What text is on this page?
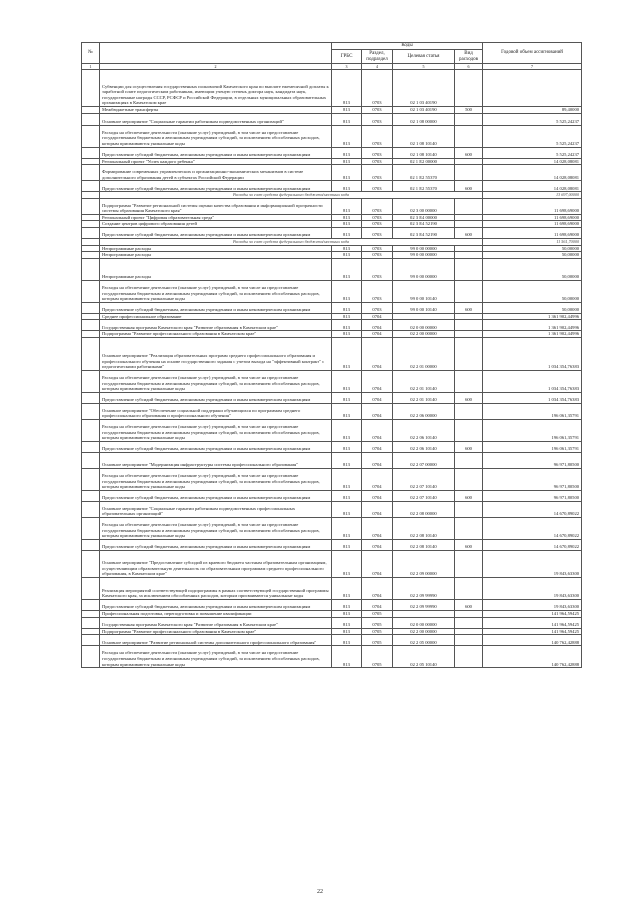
№		Коды				Годовой объем ассигнований
		ГРБС	Раздел, подраздел	Целевая статья	Вид расходов	
1	2	3	4	5	6	7
	Субвенции для осуществления государственных полномочий Камчатского края по выплате ежемесячной доплаты к заработной плате педагогическим работникам, имеющим ученую степень доктора наук, кандидата наук, государственные награды СССР, РСФСР и Российской Федерации, в отдельных муниципальных образовательных организациях в Камчатском крае	813	0703	02 1 03 40190		
	Межбюджетные трансферты	813	0703	02 1 03 40190	500	89,40000
	Основное мероприятие "Социальные гарантии работникам подведомственных организаций"	813	0703	02 1 08 00000		5 525,24237
	Расходы на обеспечение деятельности (оказание услуг) учреждений, в том числе на предоставление государственным бюджетным и автономным учреждениям субсидий, за исключением обособленных расходов, которым присваиваются уникальные коды	813	0703	02 1 08 10140		5 525,24237
	Предоставление субсидий бюджетным, автономным учреждениям и иным некоммерческим организациям	813	0703	02 1 08 10140	600	5 525,24237
	Региональный проект "Успех каждого ребенка"	813	0703	02 1 E2 00000		14 028,08081
	Формирование современных управленческих и организационно-экономических механизмов в системе дополнительного образования детей в субъектах Российской Федерации	813	0703	02 1 E2 55370		14 028,08081
	Предоставление субсидий бюджетным, автономным учреждениям и иным некоммерческим организациям	813	0703	02 1 E2 55370	600	14 028,08081
	Расходы за счет средств федерального бюджета/местных кода					13 697,00000
	Подпрограмма "Развитие региональной системы оценки качества образования и информационной прозрачности системы образования Камчатского края"	813	0703	02 3 00 00000		11 698,69000
	Региональный проект "Цифровая образовательная среда"	813	0703	02 3 E4 00000		11 698,69000
	Создание центров цифрового образования детей	813	0703	02 3 E4 52190		11 698,69000
	Предоставление субсидий бюджетным, автономным учреждениям и иным некоммерческим организациям	813	0703	02 3 E4 52190	600	11 698,69000
	Расходы за счет средств федерального бюджета/местных кода					11 561,70000
	Непрограммные расходы	813	0703	99 0 00 00000		50,00000
	Непрограммные расходы	813	0703	99 0 00 00000		50,00000
	Непрограммные расходы	813	0703	99 0 00 00000		50,00000
	Расходы на обеспечение деятельности (оказание услуг) учреждений, в том числе на предоставление государственным бюджетным и автономным учреждениям субсидий, за исключением обособленных расходов, которым присваиваются уникальные коды	813	0703	99 0 00 10140		50,00000
	Предоставление субсидий бюджетным, автономным учреждениям и иным некоммерческим организациям	813	0703	99 0 00 10140	600	50,00000
	Среднее профессиональное образование	813	0704			1 361 902,44996
	Государственная программа Камчатского края "Развитие образования в Камчатском крае"	813	0704	02 0 00 00000		1 361 902,44996
	Подпрограмма "Развитие профессионального образования в Камчатском крае"	813	0704	02 2 00 00000		1 361 902,44996
	Основное мероприятие "Реализация образовательных программ среднего профессионального образования и профессионального обучения на основе государственного задания с учетом выхода на "эффективный контракт" с педагогическими работниками"	813	0704	02 2 01 00000		1 034 354,76383
	Расходы на обеспечение деятельности (оказание услуг) учреждений, в том числе на предоставление государственным бюджетным и автономным учреждениям субсидий, за исключением обособленных расходов, которым присваиваются уникальные коды	813	0704	02 2 01 10140		1 034 354,76383
	Предоставление субсидий бюджетным, автономным учреждениям и иным некоммерческим организациям	813	0704	02 2 01 10140	600	1 034 354,76383
	Основное мероприятие "Обеспечение социальной поддержки обучающихся по программам среднего профессионального образования и профессионального обучения"	813	0704	02 2 06 00000		196 061,35791
	Расходы на обеспечение деятельности (оказание услуг) учреждений, в том числе на предоставление государственным бюджетным и автономным учреждениям субсидий, за исключением обособленных расходов, которым присваиваются уникальные коды	813	0704	02 2 06 10140		196 061,35791
	Предоставление субсидий бюджетным, автономным учреждениям и иным некоммерческим организациям	813	0704	02 2 06 10140	600	196 061,35791
	Основное мероприятие "Модернизация инфраструктуры системы профессионального образования"	813	0704	02 2 07 00000		96 971,80500
	Расходы на обеспечение деятельности (оказание услуг) учреждений, в том числе на предоставление государственным бюджетным и автономным учреждениям субсидий, за исключением обособленных расходов, которым присваиваются уникальные коды	813	0704	02 2 07 10140		96 971,80500
	Предоставление субсидий бюджетным, автономным учреждениям и иным некоммерческим организациям	813	0704	02 2 07 10140	600	96 971,80500
	Основное мероприятие "Социальные гарантии работникам подведомственных профессиональных образовательных организаций"	813	0704	02 2 08 00000		14 670,89022
	Расходы на обеспечение деятельности (оказание услуг) учреждений, в том числе на предоставление государственным бюджетным и автономным учреждениям субсидий, за исключением обособленных расходов, которым присваиваются уникальные коды	813	0704	02 2 08 10140		14 670,89022
	Предоставление субсидий бюджетным, автономным учреждениям и иным некоммерческим организациям	813	0704	02 2 08 10140	600	14 670,89022
	Основное мероприятие "Предоставление субсидий из краевого бюджета частным образовательным организациям, осуществляющим образовательную деятельность по образовательным программам среднего профессионального образования, в Камчатском крае"	813	0704	02 2 09 00000		19 843,63300
	Реализация мероприятий соответствующей подпрограммы в рамках соответствующей государственной программы Камчатского края, за исключением обособленных расходов, которым присваиваются уникальные коды	813	0704	02 2 09 99990		19 843,63300
	Предоставление субсидий бюджетным, автономным учреждениям и иным некоммерческим организациям	813	0704	02 2 09 99990	600	19 843,63300
	Профессиональная подготовка, переподготовка и повышение квалификации	813	0705			141 964,59425
	Государственная программа Камчатского края "Развитие образования в Камчатском крае"	813	0705	02 0 00 00000		141 964,59425
	Подпрограмма "Развитие профессионального образования в Камчатском крае"	813	0705	02 2 00 00000		141 964,59425
	Основное мероприятие "Развитие региональной системы дополнительного профессионального образования"	813	0705	02 2 05 00000		140 762,42888
	Расходы на обеспечение деятельности (оказание услуг) учреждений, в том числе на предоставление государственным бюджетным и автономным учреждениям субсидий, за исключением обособленных расходов, которым присваиваются уникальные коды	813	0705	02 2 05 10140		140 762,42888
22
